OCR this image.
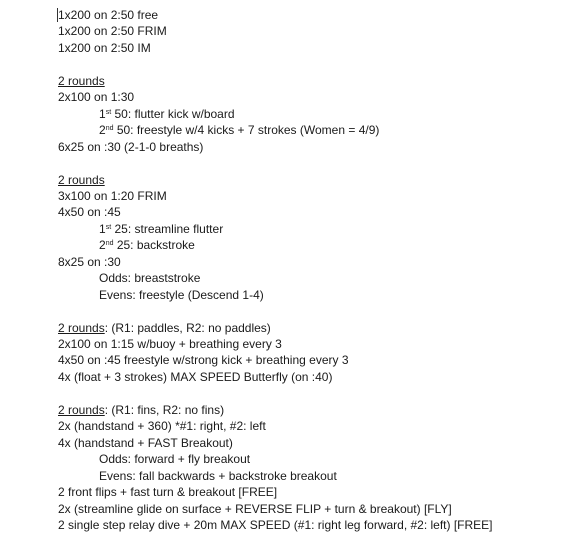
1x200 on 2:50 free
1x200 on 2:50 FRIM
1x200 on 2:50 IM
2 rounds
2x100 on 1:30
1st 50: flutter kick w/board
2nd 50: freestyle w/4 kicks + 7 strokes (Women = 4/9)
6x25 on :30 (2-1-0 breaths)
2 rounds
3x100 on 1:20 FRIM
4x50 on :45
1st 25: streamline flutter
2nd 25: backstroke
8x25 on :30
Odds: breaststroke
Evens: freestyle (Descend 1-4)
2 rounds: (R1: paddles, R2: no paddles)
2x100 on 1:15 w/buoy + breathing every 3
4x50 on :45 freestyle w/strong kick + breathing every 3
4x (float + 3 strokes) MAX SPEED Butterfly (on :40)
2 rounds: (R1: fins, R2: no fins)
2x (handstand + 360) *#1: right, #2: left
4x (handstand + FAST Breakout)
Odds: forward + fly breakout
Evens: fall backwards + backstroke breakout
2 front flips + fast turn & breakout [FREE]
2x (streamline glide on surface + REVERSE FLIP + turn & breakout) [FLY]
2 single step relay dive + 20m MAX SPEED (#1: right leg forward, #2: left) [FREE]
